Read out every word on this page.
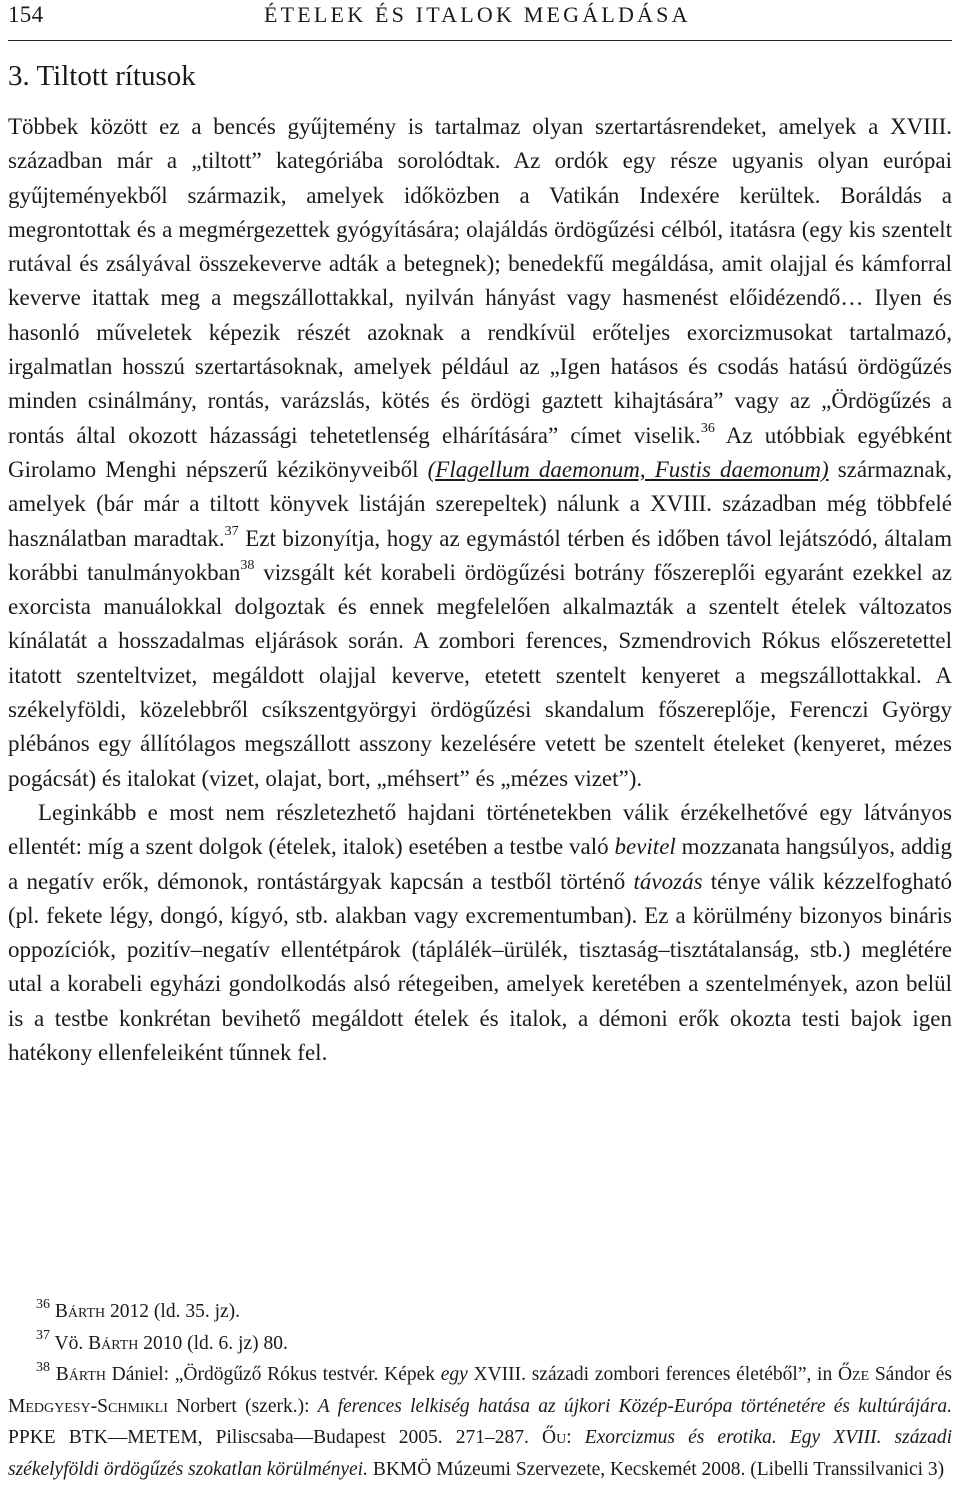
154	ÉTELEK ÉS ITALOK MEGÁLDÁSA
3. Tiltott rítusok

Többek között ez a bencés gyűjtemény is tartalmaz olyan szertartásrendeket, amelyek a XVIII. században már a „tiltott” kategóriába sorolódtak. Az ordók egy része ugyanis olyan európai gyűjteményekből származik, amelyek időközben a Vatikán Indexére kerültek. Boráldás a megrontottak és a megmérgezettek gyógyítására; olajáldás ördögűzési célból, itatásra (egy kis szentelt rutával és zsályával összekeverve adták a betegnek); benedekfű megáldása, amit olajjal és kámforral keverve itattak meg a megszállottakkal, nyilván hányást vagy hasmenést előidézendő… Ilyen és hasonló műveletek képezik részét azoknak a rendkívül erőteljes exorcizmusokat tartalmazó, irgalmatlan hosszú szertartásoknak, amelyek például az „Igen hatásos és csodás hatású ördögűzés minden csinálmány, rontás, varázslás, kötés és ördögi gaztett kihajtására” vagy az „Ördögűzés a rontás által okozott házassági tehetetlenség elhárítására” címet viselik.$^{36}$ Az utóbbiak egyébként Girolamo Menghi népszerű kézikönyveiből (Flagellum daemonum, Fustis daemonum) származnak, amelyek (bár már a tiltott könyvek listáján szerepeltek) nálunk a XVIII. században még többfelé használatban maradtak.$^{37}$ Ezt bizonyítja, hogy az egymástól térben és időben távol lejátszódó, általam korábbi tanulmányokban$^{38}$ vizsgált két korabeli ördögűzési botrány főszereplői egyaránt ezekkel az exorcista manuálokkal dolgoztak és ennek megfelelően alkalmazták a szentelt ételek változatos kínálatát a hosszadalmas eljárások során. A zombori ferences, Szmendrovich Rókus előszeretettel itatott szenteltvizet, megáldott olajjal keverve, etetett szentelt kenyeret a megszállottakkal. A székelyföldi, közelebbről csíkszentgyörgyi ördögűzési skandalum főszereplője, Ferenczi György plébános egy állítólagos megszállott asszony kezelésére vetett be szentelt ételeket (kenyeret, mézes pogácsát) és italokat (vizet, olajat, bort, „méhsert” és „mézes vizet”).

Leginkább e most nem részletezhető hajdani történetekben válik érzékelhetővé egy látványos ellentét: míg a szent dolgok (ételek, italok) esetében a testbe való bevitel mozzanata hangsúlyos, addig a negatív erők, démonok, rontástárgyak kapcsán a testből történő távozás ténye válik kézzelfogható (pl. fekete légy, dongó, kígyó, stb. alakban vagy excrementumban). Ez a körülmény bizonyos bináris oppozíciók, pozitív–negatív ellentétpárok (táplálék–ürülék, tisztaság–tisztátalanság, stb.) meglétére utal a korabeli egyházi gondolkodás alsó rétegeiben, amelyek keretében a szentelmények, azon belül is a testbe konkrétan bevihető megáldott ételek és italok, a démoni erők okozta testi bajok igen hatékony ellenfeleiként tűnnek fel.

$^{36}$ Bárth 2012 (ld. 35. jz).

$^{37}$ Vö. Bárth 2010 (ld. 6. jz) 80.

$^{38}$ Bárth Dániel: „Ördögűző Rókus testvér. Képek egy XVIII. századi zombori ferences életéből”, in Őze Sándor és Medgyesy-Schmikli Norbert (szerk.): A ferences lelkiség hatása az újkori Közép-Európa történetére és kultúrájára. PPKE BTK—METEM, Piliscsaba—Budapest 2005. 271–287. Őu: Exorcizmus és erotika. Egy XVIII. századi székelyföldi ördögűzés szokatlan körülményei. BKMÖ Múzeumi Szervezete, Kecskemét 2008. (Libelli Transsilvanici 3)
